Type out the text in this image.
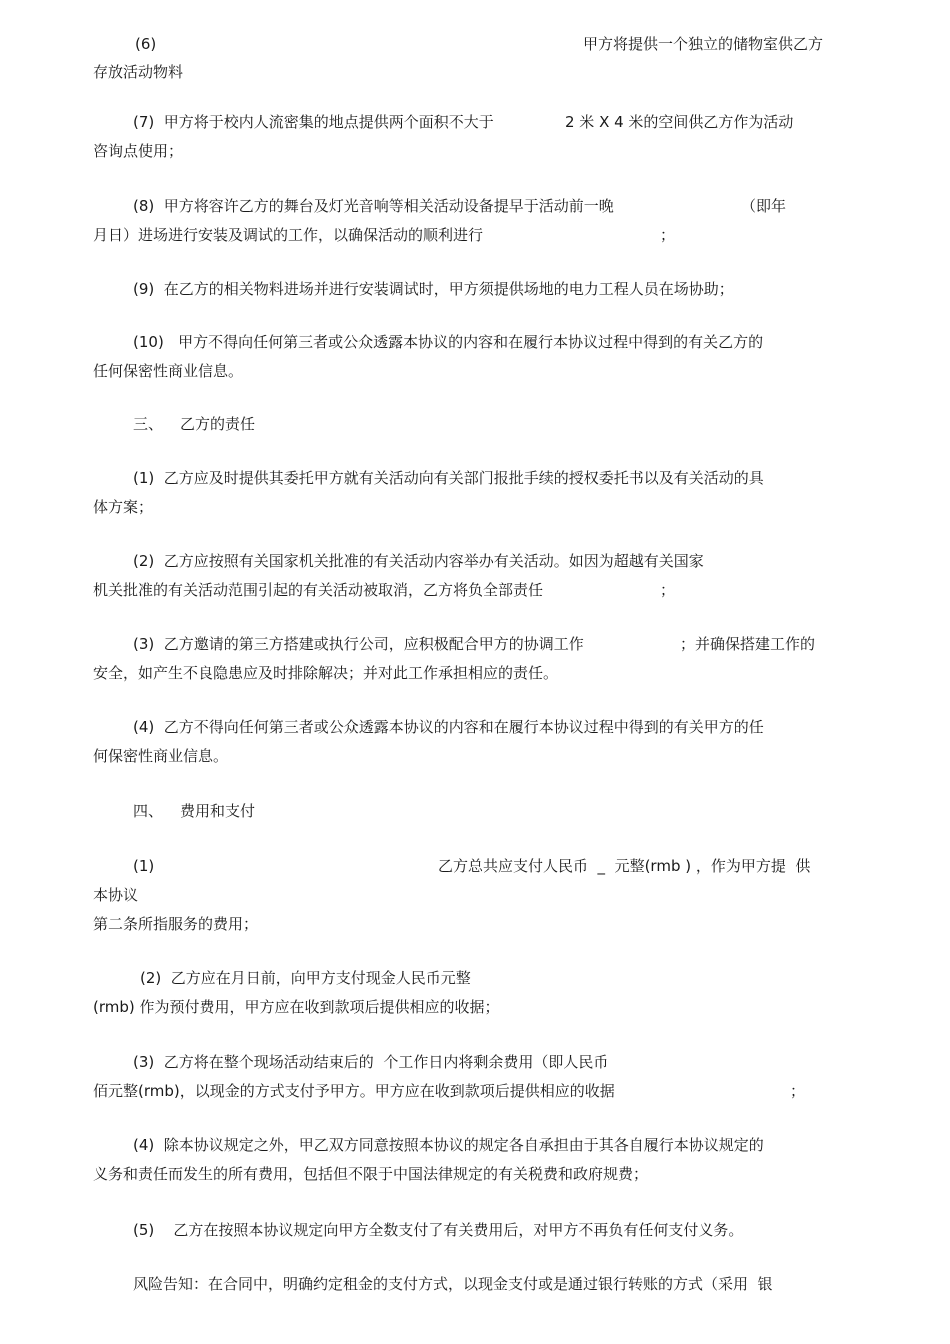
(6)	甲方将提供一个独立的储物室供乙方
存放活动物料
(7)  甲方将于校内人流密集的地点提供两个面积不大于	2 米 X 4 米的空间供乙方作为活动
咨询点使用；
(8)  甲方将容许乙方的舞台及灯光音响等相关活动设备提早于活动前一晚	（即年
月日）进场进行安装及调试的工作，以确保活动的顺利进行	；
(9)  在乙方的相关物料进场并进行安装调试时，甲方须提供场地的电力工程人员在场协助；
(10)   甲方不得向任何第三者或公众透露本协议的内容和在履行本协议过程中得到的有关乙方的
任何保密性商业信息。
三、 乙方的责任
(1)  乙方应及时提供其委托甲方就有关活动向有关部门报批手续的授权委托书以及有关活动的具
体方案；
(2)  乙方应按照有关国家机关批准的有关活动内容举办有关活动。如因为超越有关国家
机关批准的有关活动范围引起的有关活动被取消，乙方将负全部责任	；
(3)  乙方邀请的第三方搭建或执行公司，应积极配合甲方的协调工作	；并确保搭建工作的
安全，如产生不良隐患应及时排除解决；并对此工作承担相应的责任。
(4)  乙方不得向任何第三者或公众透露本协议的内容和在履行本协议过程中得到的有关甲方的任
何保密性商业信息。
四、 费用和支付
(1)	乙方总共应支付人民币  _  元整(rmb ) ，作为甲方提  供
本协议
第二条所指服务的费用；
(2)  乙方应在月日前，向甲方支付现金人民币元整
(rmb) 作为预付费用，甲方应在收到款项后提供相应的收据；
(3)  乙方将在整个现场活动结束后的  个工作日内将剩余费用（即人民币
佰元整(rmb)，以现金的方式支付予甲方。甲方应在收到款项后提供相应的收据	；
(4)  除本协议规定之外，甲乙双方同意按照本协议的规定各自承担由于其各自履行本协议规定的
义务和责任而发生的所有费用，包括但不限于中国法律规定的有关税费和政府规费；
(5)    乙方在按照本协议规定向甲方全数支付了有关费用后，对甲方不再负有任何支付义务。
风险告知：在合同中，明确约定租金的支付方式，以现金支付或是通过银行转账的方式（采用  银
